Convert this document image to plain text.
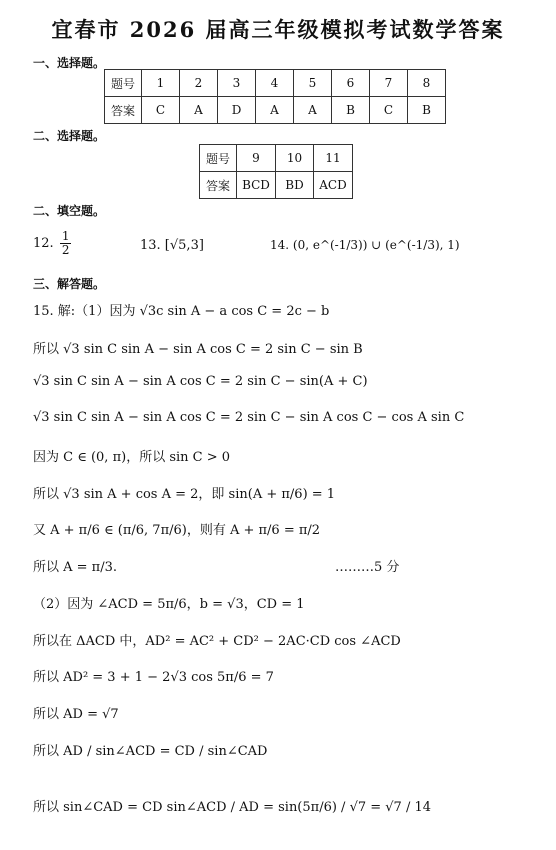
宜春市 2026 届高三年级模拟考试数学答案
一、选择题。
题号	1	2	3	4	5	6	7	8
答案	C	A	D	A	A	B	C	B
二、选择题。
题号	9	10	11
答案	BCD	BD	ACD
二、填空题。
12. $\frac{1}{2}$	13. [√5,3]	14. (0, e^(-1/3)) ∪ (e^(-1/3), 1)
三、解答题。
15. 解:（1）因为 √3c sin A − a cos C = 2c − b
所以 √3 sin C sin A − sin A cos C = 2 sin C − sin B
√3 sin C sin A − sin A cos C = 2 sin C − sin(A + C)
√3 sin C sin A − sin A cos C = 2 sin C − sin A cos C − cos A sin C
因为 C ∈ (0, π)，所以 sin C > 0
所以 √3 sin A + cos A = 2，即 sin(A + π/6) = 1
又 A + π/6 ∈ (π/6, 7π/6)，则有 A + π/6 = π/2
所以 A = π/3.	………5 分
（2）因为 ∠ACD = 5π/6，b = √3，CD = 1
所以在 ΔACD 中，AD² = AC² + CD² − 2AC·CD cos ∠ACD
所以 AD² = 3 + 1 − 2√3 cos 5π/6 = 7
所以 AD = √7
所以 AD / sin∠ACD = CD / sin∠CAD
所以 sin∠CAD = CD sin∠ACD / AD = sin(5π/6) / √7 = √7 / 14
